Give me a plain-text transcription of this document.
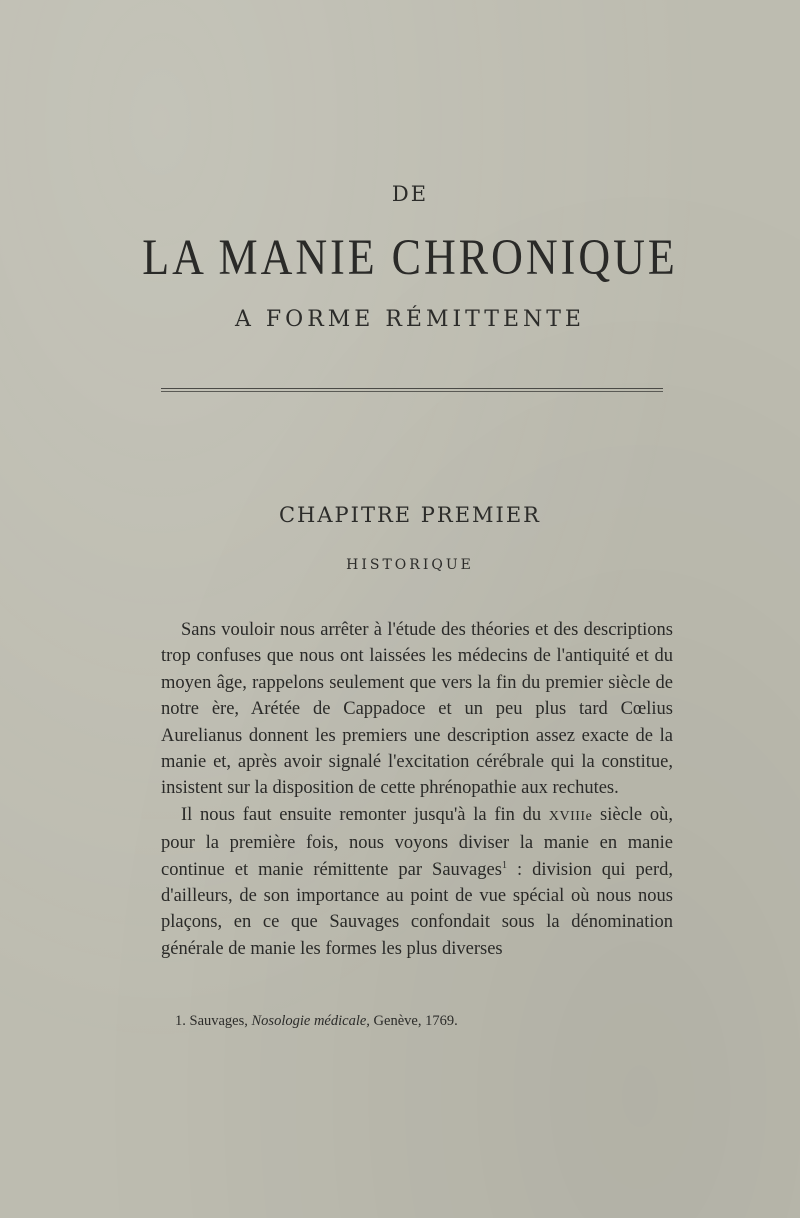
DE
LA MANIE CHRONIQUE
A FORME RÉMITTENTE
CHAPITRE PREMIER
HISTORIQUE

Sans vouloir nous arrêter à l'étude des théories et des descriptions trop confuses que nous ont laissées les médecins de l'antiquité et du moyen âge, rappelons seulement que vers la fin du premier siècle de notre ère, Arétée de Cappadoce et un peu plus tard Cœlius Aurelianus donnent les premiers une description assez exacte de la manie et, après avoir signalé l'excitation cérébrale qui la constitue, insistent sur la disposition de cette phrénopathie aux rechutes.

Il nous faut ensuite remonter jusqu'à la fin du XVIIIe siècle où, pour la première fois, nous voyons diviser la manie en manie continue et manie rémittente par Sauvages$^1$ : division qui perd, d'ailleurs, de son importance au point de vue spécial où nous nous plaçons, en ce que Sauvages confondait sous la dénomination générale de manie les formes les plus diverses

1. Sauvages, Nosologie médicale, Genève, 1769.
